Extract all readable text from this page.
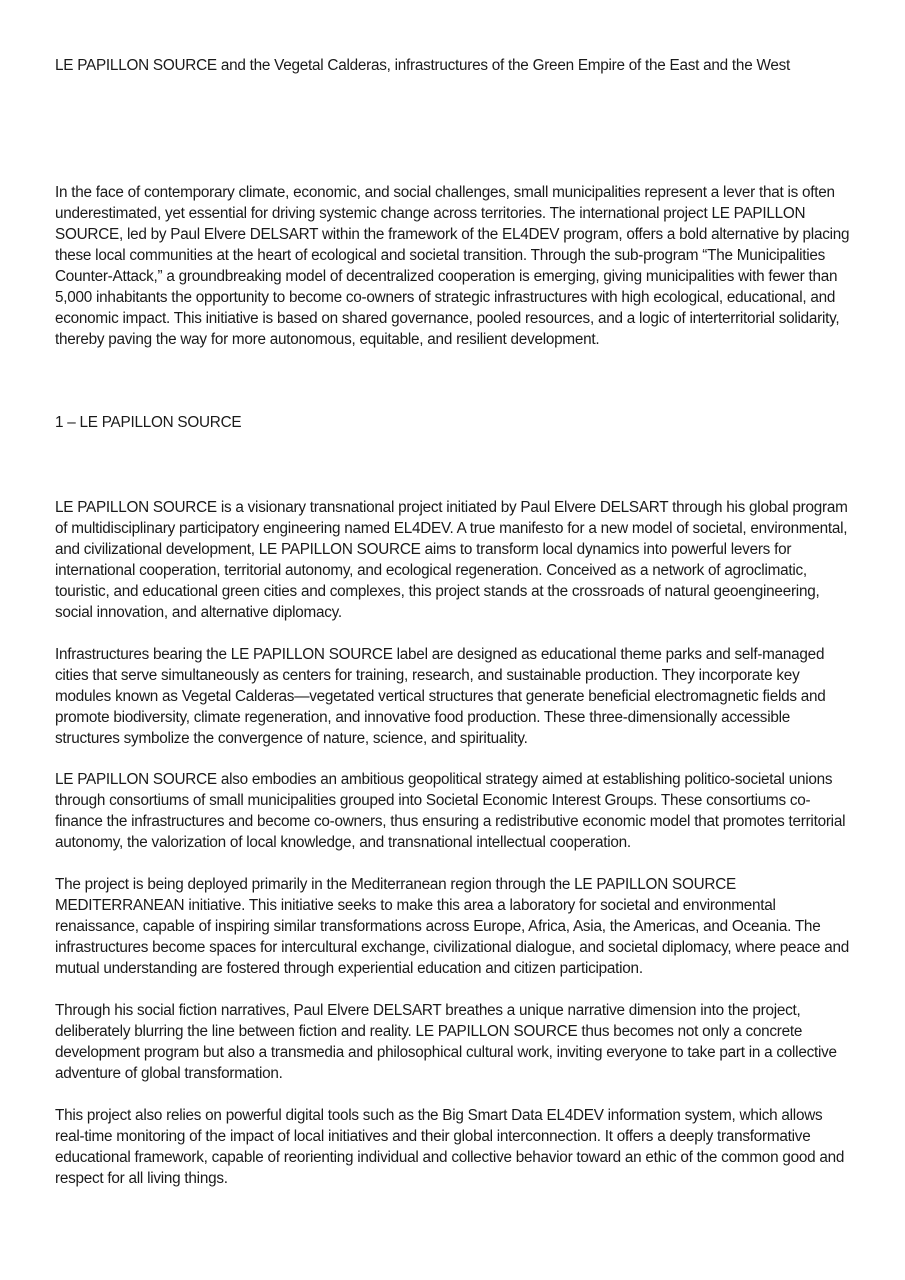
LE PAPILLON SOURCE and the Vegetal Calderas, infrastructures of the Green Empire of the East and the West

In the face of contemporary climate, economic, and social challenges, small municipalities represent a lever that is often underestimated, yet essential for driving systemic change across territories. The international project LE PAPILLON SOURCE, led by Paul Elvere DELSART within the framework of the EL4DEV program, offers a bold alternative by placing these local communities at the heart of ecological and societal transition. Through the sub-program “The Municipalities Counter-Attack,” a groundbreaking model of decentralized cooperation is emerging, giving municipalities with fewer than 5,000 inhabitants the opportunity to become co-owners of strategic infrastructures with high ecological, educational, and economic impact. This initiative is based on shared governance, pooled resources, and a logic of interterritorial solidarity, thereby paving the way for more autonomous, equitable, and resilient development.

1 – LE PAPILLON SOURCE

LE PAPILLON SOURCE is a visionary transnational project initiated by Paul Elvere DELSART through his global program of multidisciplinary participatory engineering named EL4DEV. A true manifesto for a new model of societal, environmental, and civilizational development, LE PAPILLON SOURCE aims to transform local dynamics into powerful levers for international cooperation, territorial autonomy, and ecological regeneration. Conceived as a network of agroclimatic, touristic, and educational green cities and complexes, this project stands at the crossroads of natural geoengineering, social innovation, and alternative diplomacy.

Infrastructures bearing the LE PAPILLON SOURCE label are designed as educational theme parks and self-managed cities that serve simultaneously as centers for training, research, and sustainable production. They incorporate key modules known as Vegetal Calderas—vegetated vertical structures that generate beneficial electromagnetic fields and promote biodiversity, climate regeneration, and innovative food production. These three-dimensionally accessible structures symbolize the convergence of nature, science, and spirituality.

LE PAPILLON SOURCE also embodies an ambitious geopolitical strategy aimed at establishing politico-societal unions through consortiums of small municipalities grouped into Societal Economic Interest Groups. These consortiums co-finance the infrastructures and become co-owners, thus ensuring a redistributive economic model that promotes territorial autonomy, the valorization of local knowledge, and transnational intellectual cooperation.

The project is being deployed primarily in the Mediterranean region through the LE PAPILLON SOURCE MEDITERRANEAN initiative. This initiative seeks to make this area a laboratory for societal and environmental renaissance, capable of inspiring similar transformations across Europe, Africa, Asia, the Americas, and Oceania. The infrastructures become spaces for intercultural exchange, civilizational dialogue, and societal diplomacy, where peace and mutual understanding are fostered through experiential education and citizen participation.

Through his social fiction narratives, Paul Elvere DELSART breathes a unique narrative dimension into the project, deliberately blurring the line between fiction and reality. LE PAPILLON SOURCE thus becomes not only a concrete development program but also a transmedia and philosophical cultural work, inviting everyone to take part in a collective adventure of global transformation.

This project also relies on powerful digital tools such as the Big Smart Data EL4DEV information system, which allows real-time monitoring of the impact of local initiatives and their global interconnection. It offers a deeply transformative educational framework, capable of reorienting individual and collective behavior toward an ethic of the common good and respect for all living things.
